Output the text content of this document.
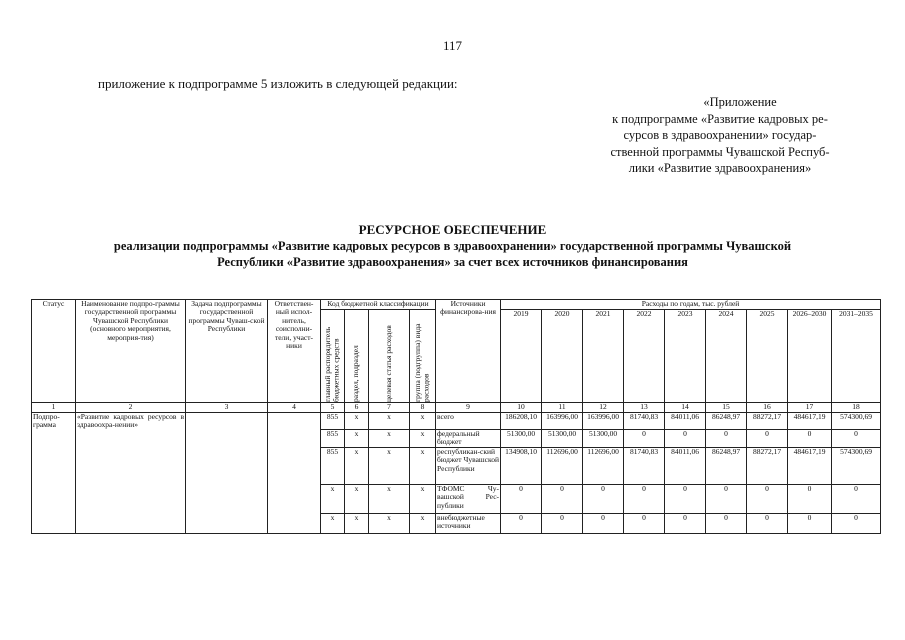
117
приложение к подпрограмме 5 изложить в следующей редакции:
«Приложение
к подпрограмме «Развитие кадровых ре-
сурсов в здравоохранении» государ-
ственной программы Чувашской Респуб-
лики «Развитие здравоохранения»
РЕСУРСНОЕ ОБЕСПЕЧЕНИЕ
реализации подпрограммы «Развитие кадровых ресурсов в здравоохранении» государственной программы Чувашской
Республики «Развитие здравоохранения» за счет всех источников финансирования
Статус	Наименование подпро-граммы государственной программы Чувашской Республики (основного мероприятия, мероприя-тия)	Задача подпрограммы государственной программы Чуваш-ской Республики	Ответствен-ный испол-нитель, соисполни-тели, участ-ники	Код бюджетной классификации				Источники финансирова-ния	Расходы по годам, тыс. рублей								

				главный распорядитель бюджетных средств	раздел, подраздел	целевая статья расходов	группа (подгруппа) вида расходов		2019	2020	2021	2022	2023	2024	2025	2026–2030	2031–2035

1	2	3	4	5	6	7	8	9	10	11	12	13	14	15	16	17	18
Подпро-грамма	«Развитие кадровых ресурсов в здравоохра-нении»			855	x	x	x	всего	186208,10	163996,00	163996,00	81740,83	84011,06	86248,97	88272,17	484617,19	574300,69
				855	x	x	x	федеральный бюджет	51300,00	51300,00	51300,00	0	0	0	0	0	0
				855	x	x	x	республикан-ский бюджет Чувашской Республики	134908,10	112696,00	112696,00	81740,83	84011,06	86248,97	88272,17	484617,19	574300,69
				x	x	x	x	ТФОМС Чу-вашской Рес-публики	0	0	0	0	0	0	0	0	0
				x	x	x	x	внебюджетные источники	0	0	0	0	0	0	0	0	0
